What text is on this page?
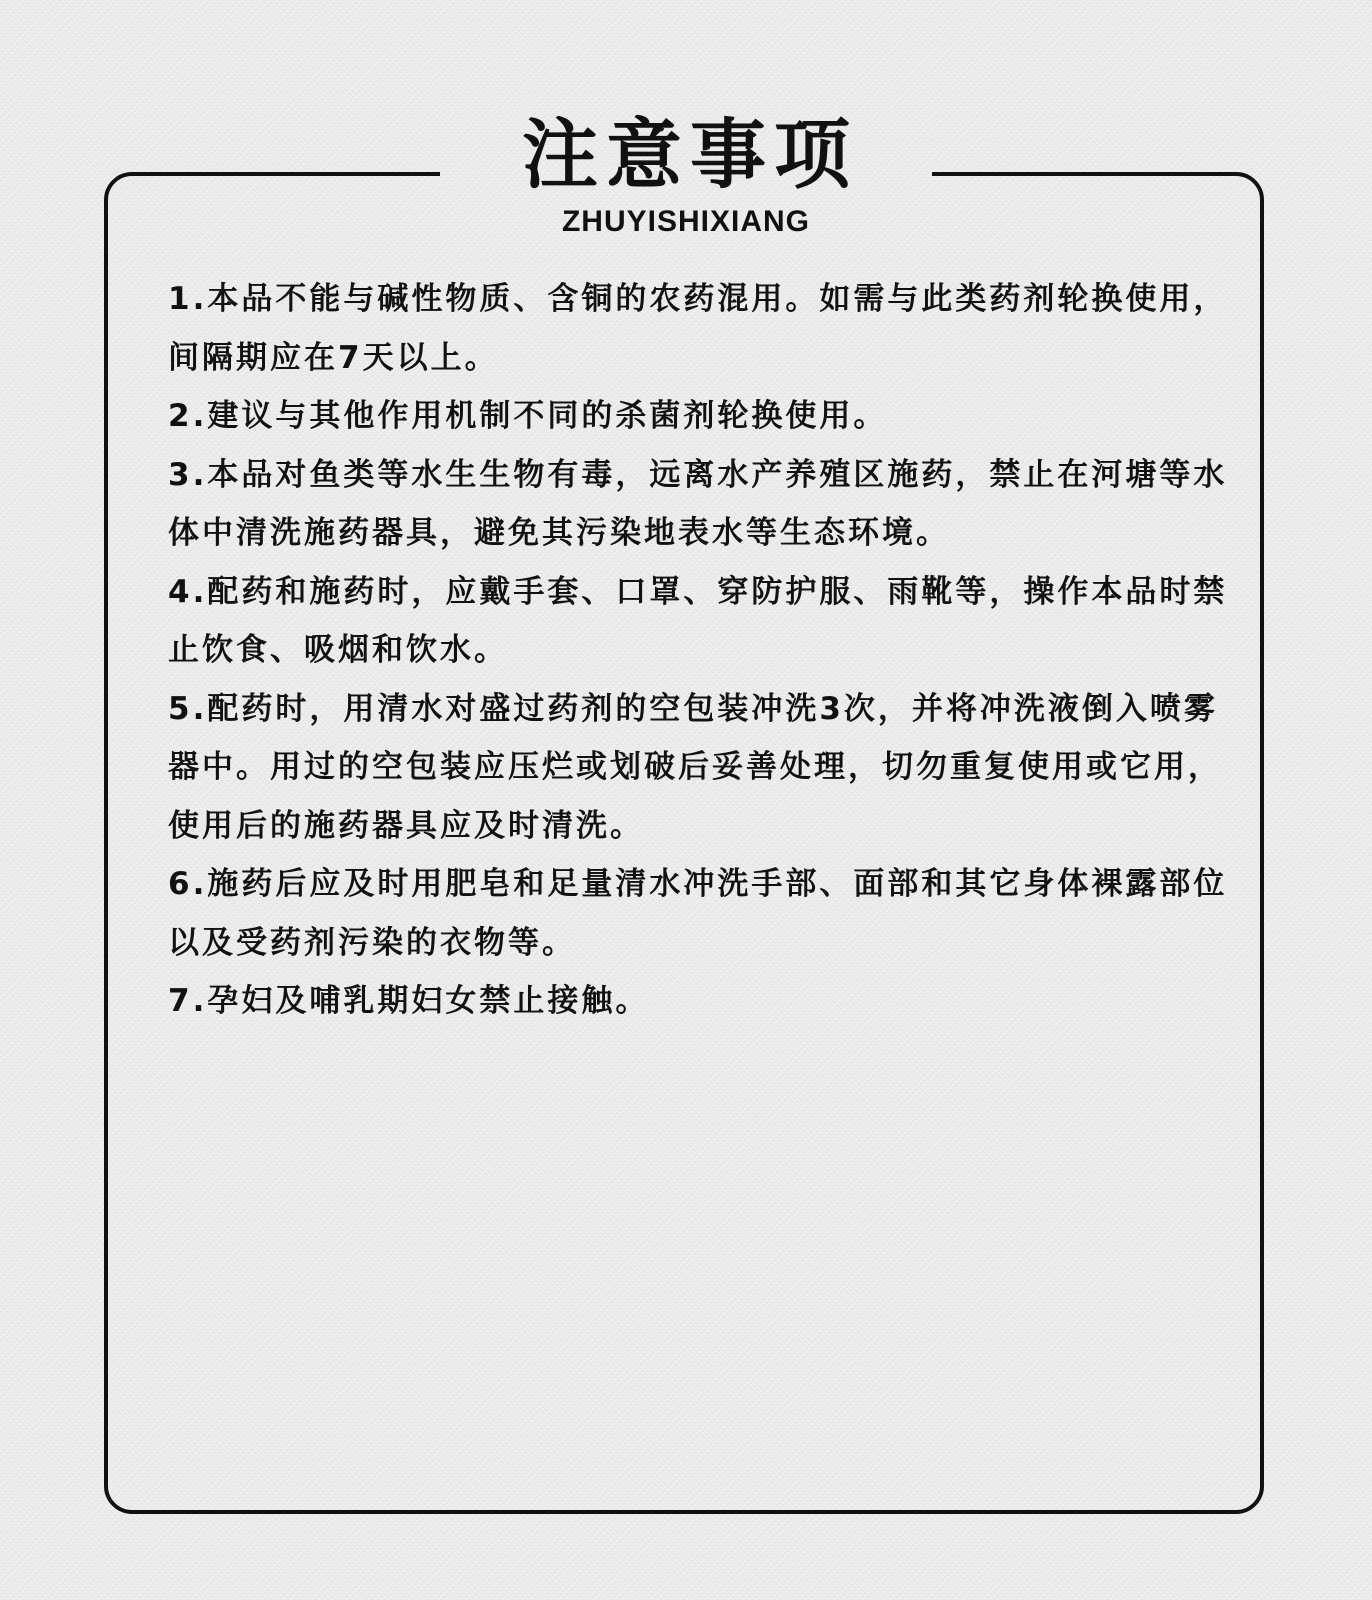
注意事项
ZHUYISHIXIANG
1.本品不能与碱性物质、含铜的农药混用。如需与此类药剂轮换使用，间隔期应在7天以上。
2.建议与其他作用机制不同的杀菌剂轮换使用。
3.本品对鱼类等水生生物有毒，远离水产养殖区施药，禁止在河塘等水体中清洗施药器具，避免其污染地表水等生态环境。
4.配药和施药时，应戴手套、口罩、穿防护服、雨靴等，操作本品时禁止饮食、吸烟和饮水。
5.配药时，用清水对盛过药剂的空包装冲洗3次，并将冲洗液倒入喷雾器中。用过的空包装应压烂或划破后妥善处理，切勿重复使用或它用，使用后的施药器具应及时清洗。
6.施药后应及时用肥皂和足量清水冲洗手部、面部和其它身体裸露部位以及受药剂污染的衣物等。
7.孕妇及哺乳期妇女禁止接触。
